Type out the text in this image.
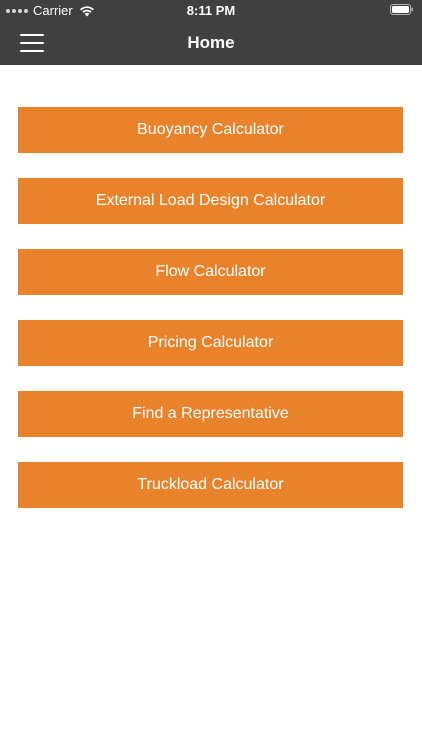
Carrier	8:11 PM
Home
Buoyancy Calculator
External Load Design Calculator
Flow Calculator
Pricing Calculator
Find a Representative
Truckload Calculator
